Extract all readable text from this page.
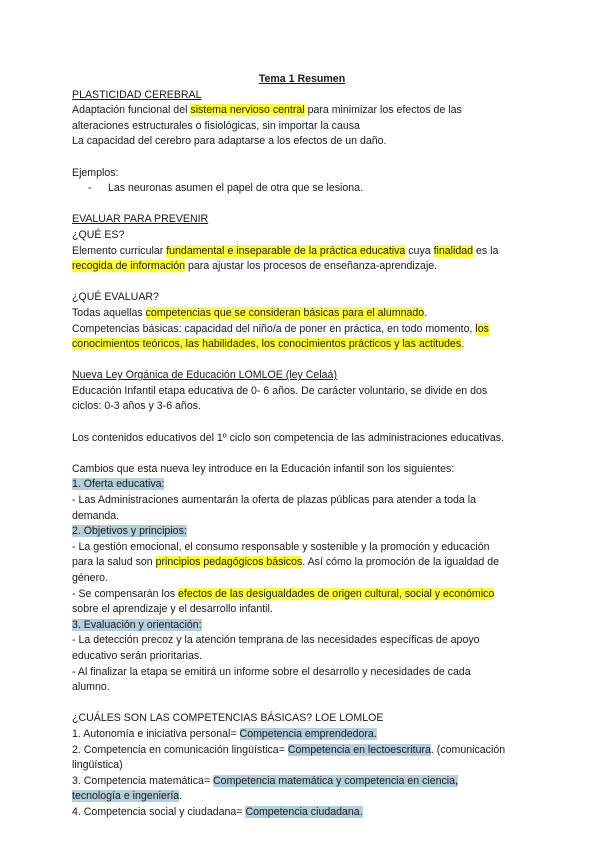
Tema 1 Resumen

PLASTICIDAD CEREBRAL

Adaptación funcional del sistema nervioso central para minimizar los efectos de las

alteraciones estructurales o fisiológicas, sin importar la causa

La capacidad del cerebro para adaptarse a los efectos de un daño.

Ejemplos:

-	Las neuronas asumen el papel de otra que se lesiona.

EVALUAR PARA PREVENIR

¿QUÉ ES?

Elemento curricular fundamental e inseparable de la práctica educativa cuya finalidad es la

recogida de información para ajustar los procesos de enseñanza-aprendizaje.

¿QUÉ EVALUAR?

Todas aquellas competencias que se consideran básicas para el alumnado.

Competencias básicas: capacidad del niño/a de poner en práctica, en todo momento, los

conocimientos teóricos, las habilidades, los conocimientos prácticos y las actitudes.

Nueva Ley Orgánica de Educación LOMLOE (ley Celaá)

Educación Infantil etapa educativa de 0- 6 años. De carácter voluntario, se divide en dos

ciclos: 0-3 años y 3-6 años.

Los contenidos educativos del 1º ciclo son competencia de las administraciones educativas.

Cambios que esta nueva ley introduce en la Educación infantil son los siguientes:

1. Oferta educativa:

- Las Administraciones aumentarán la oferta de plazas públicas para atender a toda la

demanda.

2. Objetivos y principios:

- La gestión emocional, el consumo responsable y sostenible y la promoción y educación

para la salud son principios pedagógicos básicos. Así cómo la promoción de la igualdad de

género.

- Se compensarán los efectos de las desigualdades de origen cultural, social y económico

sobre el aprendizaje y el desarrollo infantil.

3. Evaluación y orientación:

- La detección precoz y la atención temprana de las necesidades específicas de apoyo

educativo serán prioritarias.

- Al finalizar la etapa se emitirá un informe sobre el desarrollo y necesidades de cada

alumno.

¿CUÁLES SON LAS COMPETENCIAS BÁSICAS? LOE LOMLOE

1. Autonomía e iniciativa personal= Competencia emprendedora.

2. Competencia en comunicación lingüística= Competencia en lectoescritura. (comunicación

lingüística)

3. Competencia matemática= Competencia matemática y competencia en ciencia,

tecnología e ingeniería.

4. Competencia social y ciudadana= Competencia ciudadana.
